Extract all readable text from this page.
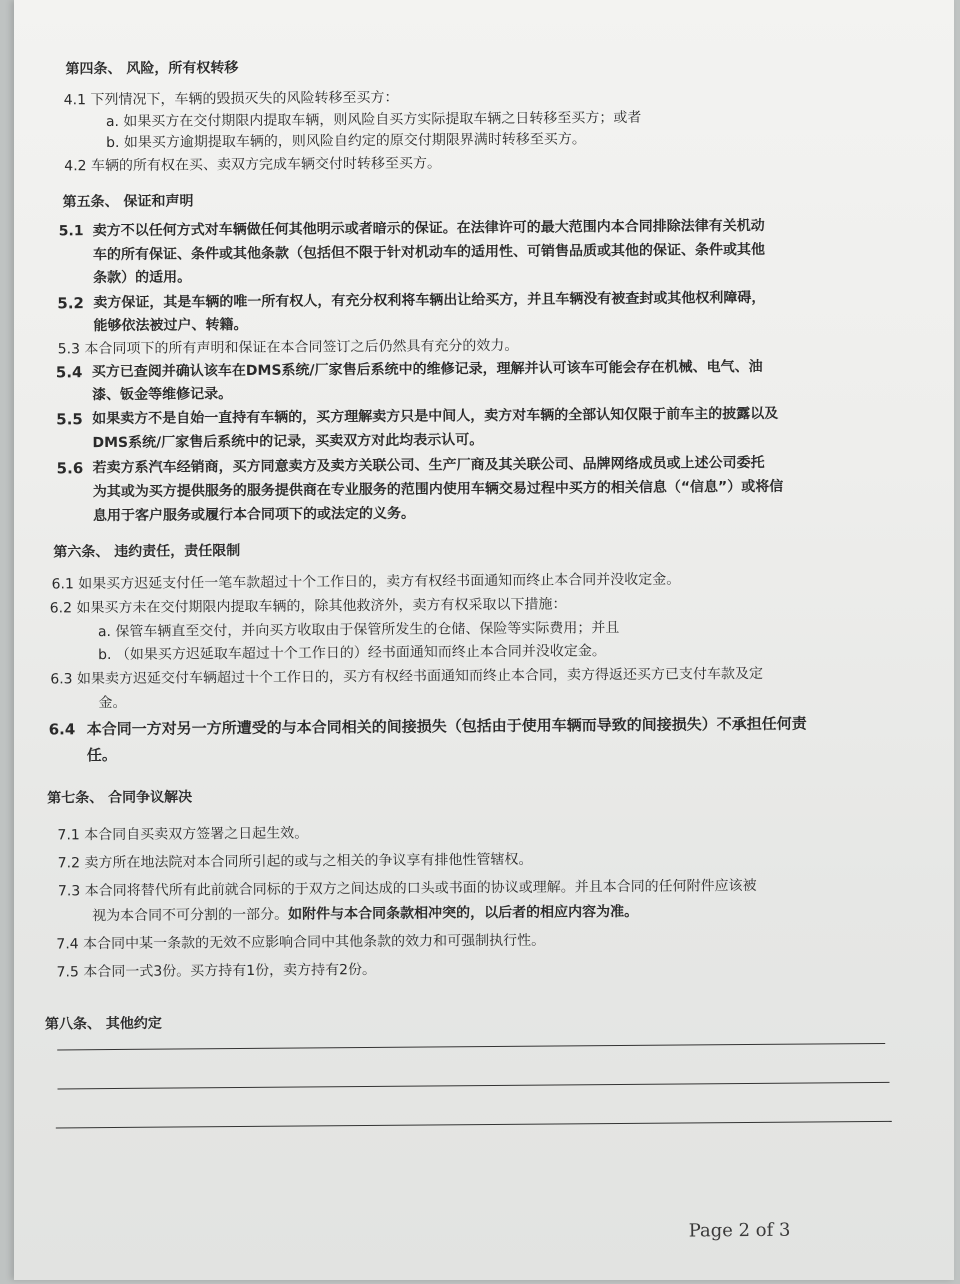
第四条、 风险，所有权转移
4.1 下列情况下，车辆的毁损灭失的风险转移至买方：
a. 如果买方在交付期限内提取车辆，则风险自买方实际提取车辆之日转移至买方；或者
b. 如果买方逾期提取车辆的，则风险自约定的原交付期限界满时转移至买方。
4.2 车辆的所有权在买、卖双方完成车辆交付时转移至买方。
第五条、 保证和声明
5.1 卖方不以任何方式对车辆做任何其他明示或者暗示的保证。在法律许可的最大范围内本合同排除法律有关机动
车的所有保证、条件或其他条款（包括但不限于针对机动车的适用性、可销售品质或其他的保证、条件或其他
条款）的适用。
5.2 卖方保证，其是车辆的唯一所有权人，有充分权利将车辆出让给买方，并且车辆没有被查封或其他权利障碍，
能够依法被过户、转籍。
5.3 本合同项下的所有声明和保证在本合同签订之后仍然具有充分的效力。
5.4 买方已查阅并确认该车在DMS系统/厂家售后系统中的维修记录，理解并认可该车可能会存在机械、电气、油
漆、钣金等维修记录。
5.5 如果卖方不是自始一直持有车辆的，买方理解卖方只是中间人，卖方对车辆的全部认知仅限于前车主的披露以及
DMS系统/厂家售后系统中的记录，买卖双方对此均表示认可。
5.6 若卖方系汽车经销商，买方同意卖方及卖方关联公司、生产厂商及其关联公司、品牌网络成员或上述公司委托
为其或为买方提供服务的服务提供商在专业服务的范围内使用车辆交易过程中买方的相关信息（“信息”）或将信
息用于客户服务或履行本合同项下的或法定的义务。
第六条、 违约责任，责任限制
6.1 如果买方迟延支付任一笔车款超过十个工作日的，卖方有权经书面通知而终止本合同并没收定金。
6.2 如果买方未在交付期限内提取车辆的，除其他救济外，卖方有权采取以下措施：
a. 保管车辆直至交付，并向买方收取由于保管所发生的仓储、保险等实际费用；并且
b. （如果买方迟延取车超过十个工作日的）经书面通知而终止本合同并没收定金。
6.3 如果卖方迟延交付车辆超过十个工作日的，买方有权经书面通知而终止本合同，卖方得返还买方已支付车款及定
金。
6.4 本合同一方对另一方所遭受的与本合同相关的间接损失（包括由于使用车辆而导致的间接损失）不承担任何责
任。
第七条、 合同争议解决
7.1 本合同自买卖双方签署之日起生效。
7.2 卖方所在地法院对本合同所引起的或与之相关的争议享有排他性管辖权。
7.3 本合同将替代所有此前就合同标的于双方之间达成的口头或书面的协议或理解。并且本合同的任何附件应该被
视为本合同不可分割的一部分。如附件与本合同条款相冲突的，以后者的相应内容为准。
7.4 本合同中某一条款的无效不应影响合同中其他条款的效力和可强制执行性。
7.5 本合同一式3份。买方持有1份，卖方持有2份。
第八条、 其他约定
Page 2 of 3
